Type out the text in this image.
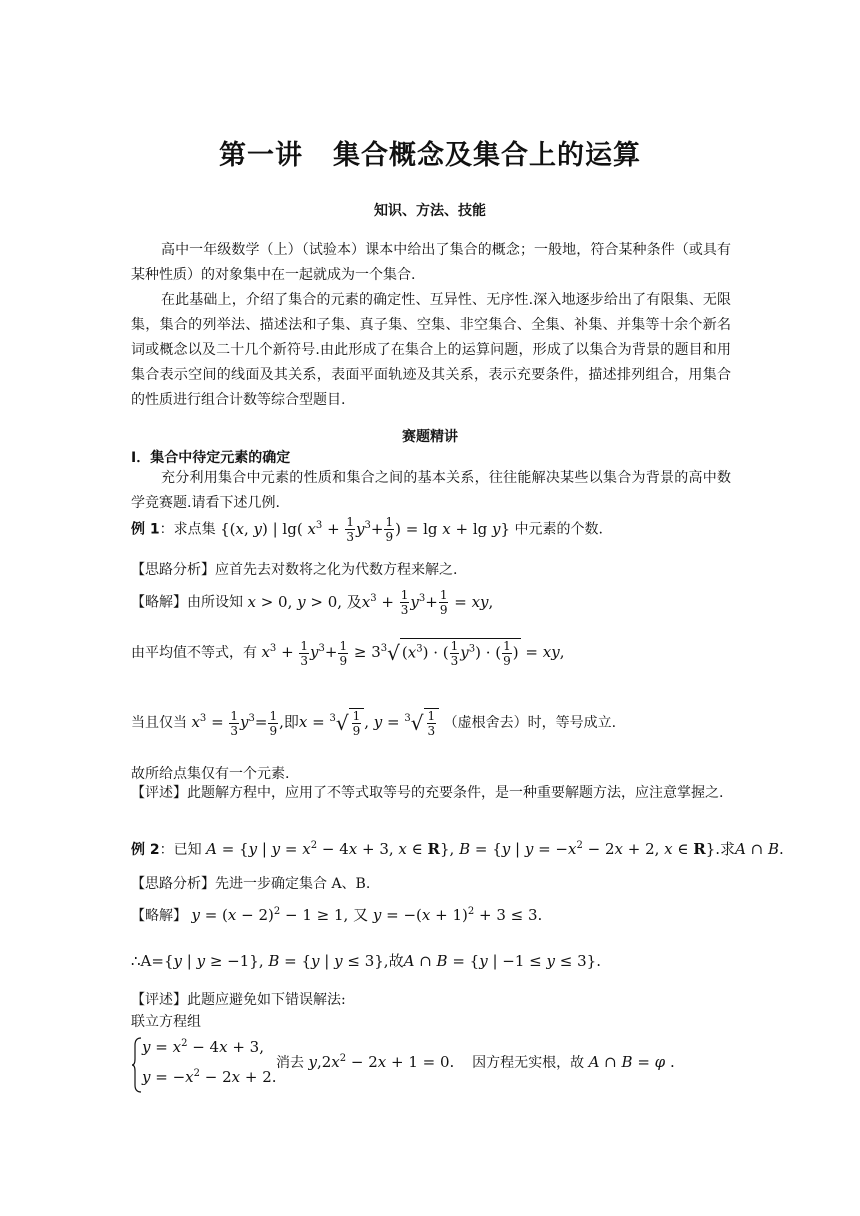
第一讲 集合概念及集合上的运算
知识、方法、技能

高中一年级数学（上）（试验本）课本中给出了集合的概念；一般地，符合某种条件（或具有某种性质）的对象集中在一起就成为一个集合.

在此基础上，介绍了集合的元素的确定性、互异性、无序性.深入地逐步给出了有限集、无限集，集合的列举法、描述法和子集、真子集、空集、非空集合、全集、补集、并集等十余个新名词或概念以及二十几个新符号.由此形成了在集合上的运算问题，形成了以集合为背景的题目和用集合表示空间的线面及其关系，表面平面轨迹及其关系，表示充要条件，描述排列组合，用集合的性质进行组合计数等综合型题目.

赛题精讲
Ⅰ．集合中待定元素的确定

充分利用集合中元素的性质和集合之间的基本关系，往往能解决某些以集合为背景的高中数学竞赛题.请看下述几例.

例 1：求点集 {(x, y) | lg( $x^3 + \frac{1}{3} y^3+ \frac{1}{9}$ ) = lg x + lg y} 中元素的个数.
【思路分析】应首先去对数将之化为代数方程来解之.
【略解】由所设知 x > 0, y > 0, 及$x^3 + \frac{1}{3} y^3+ \frac{1}{9}$ = xy,
由平均值不等式，有 $x^3 + \frac{1}{3} y^3+ \frac{1}{9} \ge 3^3√$ $(x^3)$ · ( $\frac{1}{3} y^3$) · ( $\frac{1}{9}$ ) = xy,
当且仅当 $x^3 = \frac{1}{3} y^3= \frac{1}{9}$ ,即$x = ^3√ \frac{1}{9}$ , $y = ^3√ \frac{1}{3}$ （虚根舍去）时，等号成立.
故所给点集仅有一个元素.

【评述】此题解方程中，应用了不等式取等号的充要条件，是一种重要解题方法，应注意掌握之.

例 2：已知 A = {y | $y = x^2 - 4x + 3$, x ∈ R}, B = {y | $y = -x^2 - 2x + 2$, x ∈ R}.求A ∩ B.
【思路分析】先进一步确定集合 A、B.
【略解】 $y = (x - 2)^2 - 1 \ge 1$, 又 $y = -(x + 1)^2 + 3 \le 3$.
∴A={y | y ≥ −1}, B = {y | y ≤ 3},故A ∩ B = {y | −1 ≤ y ≤ 3}.
【评述】此题应避免如下错误解法:
联立方程组
$y = x^2 - 4x + 3$,
$y = -x^2 - 2x + 2$.
消去 $y,2x^2 - 2x + 1 = 0$. 因方程无实根，故 A ∩ B = φ .
